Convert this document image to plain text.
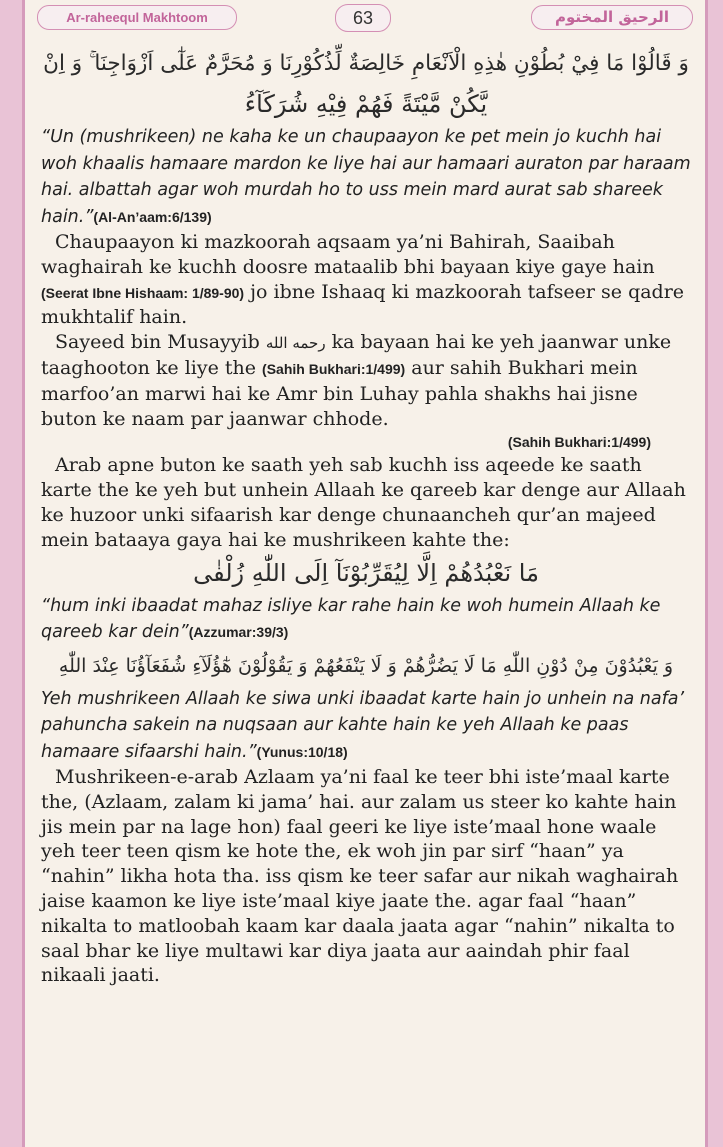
Ar-raheequl Makhtoom	63	الرحيق المختوم
وَ قَالُوْا مَا فِيْ بُطُوْنِ هٰذِهِ الْاَنْعَامِ خَالِصَةٌ لِّذُكُوْرِنَا وَ مُحَرَّمٌ عَلٰٓى اَزْوَاجِنَا ۚ وَ اِنْ
يَّكُنْ مَّيْتَةً فَهُمْ فِيْهِ شُرَكَآءُ

“Un (mushrikeen) ne kaha ke un chaupaayon ke pet mein jo kuchh hai woh khaalis hamaare mardon ke liye hai aur hamaari auraton par haraam hai. albattah agar woh murdah ho to uss mein mard aurat sab shareek hain.”(Al-An’aam:6/139)

Chaupaayon ki mazkoorah aqsaam ya’ni Bahirah, Saaibah waghairah ke kuchh doosre mataalib bhi bayaan kiye gaye hain (Seerat Ibne Hishaam: 1/89-90) jo ibne Ishaaq ki mazkoorah tafseer se qadre mukhtalif hain.

Sayeed bin Musayyib رحمه الله ka bayaan hai ke yeh jaanwar unke taaghooton ke liye the (Sahih Bukhari:1/499) aur sahih Bukhari mein marfoo’an marwi hai ke Amr bin Luhay pahla shakhs hai jisne buton ke naam par jaanwar chhode.

(Sahih Bukhari:1/499)

Arab apne buton ke saath yeh sab kuchh iss aqeede ke saath karte the ke yeh but unhein Allaah ke qareeb kar denge aur Allaah ke huzoor unki sifaarish kar denge chunaancheh qur’an majeed mein bataaya gaya hai ke mushrikeen kahte the:

مَا نَعْبُدُهُمْ اِلَّا لِيُقَرِّبُوْنَآ اِلَى اللّٰهِ زُلْفٰى

“hum inki ibaadat mahaz isliye kar rahe hain ke woh humein Allaah ke qareeb kar dein”(Azzumar:39/3)

وَ يَعْبُدُوْنَ مِنْ دُوْنِ اللّٰهِ مَا لَا يَضُرُّهُمْ وَ لَا يَنْفَعُهُمْ وَ يَقُوْلُوْنَ هٰٓؤُلَآءِ شُفَعَآؤُنَا عِنْدَ اللّٰهِ

Yeh mushrikeen Allaah ke siwa unki ibaadat karte hain jo unhein na nafa’ pahuncha sakein na nuqsaan aur kahte hain ke yeh Allaah ke paas hamaare sifaarshi hain.”(Yunus:10/18)

Mushrikeen-e-arab Azlaam ya’ni faal ke teer bhi iste’maal karte the, (Azlaam, zalam ki jama’ hai. aur zalam us steer ko kahte hain jis mein par na lage hon) faal geeri ke liye iste’maal hone waale yeh teer teen qism ke hote the, ek woh jin par sirf “haan” ya “nahin” likha hota tha. iss qism ke teer safar aur nikah waghairah jaise kaamon ke liye iste’maal kiye jaate the. agar faal “haan” nikalta to matloobah kaam kar daala jaata agar “nahin” nikalta to saal bhar ke liye multawi kar diya jaata aur aaindah phir faal nikaali jaati.
